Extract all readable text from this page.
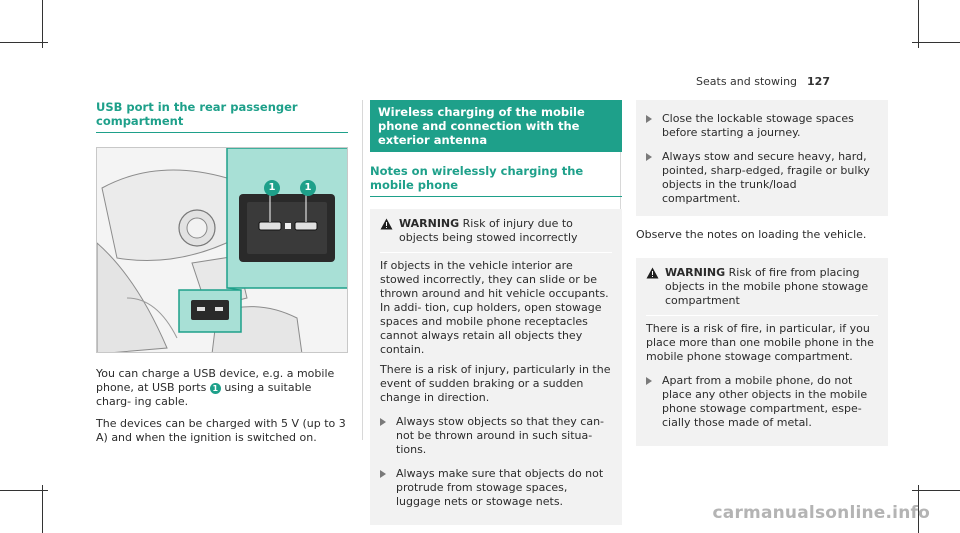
Seats and stowing 127
USB port in the rear passenger compartment
1	1
You can charge a USB device, e.g. a mobile phone, at USB ports 1 using a suitable charg- ing cable.
The devices can be charged with 5 V (up to 3 A) and when the ignition is switched on.
Wireless charging of the mobile phone and connection with the exterior antenna
Notes on wirelessly charging the mobile phone
WARNING Risk of injury due to objects being stowed incorrectly
If objects in the vehicle interior are stowed incorrectly, they can slide or be thrown around and hit vehicle occupants. In addi- tion, cup holders, open stowage spaces and mobile phone receptacles cannot always retain all objects they contain.
There is a risk of injury, particularly in the event of sudden braking or a sudden change in direction.
Always stow objects so that they can- not be thrown around in such situa- tions.
Always make sure that objects do not protrude from stowage spaces, luggage nets or stowage nets.
Close the lockable stowage spaces before starting a journey.
Always stow and secure heavy, hard, pointed, sharp-edged, fragile or bulky objects in the trunk/load compartment.
Observe the notes on loading the vehicle.
WARNING Risk of fire from placing objects in the mobile phone stowage compartment
There is a risk of fire, in particular, if you place more than one mobile phone in the mobile phone stowage compartment.
Apart from a mobile phone, do not place any other objects in the mobile phone stowage compartment, espe- cially those made of metal.
carmanualsonline.info
